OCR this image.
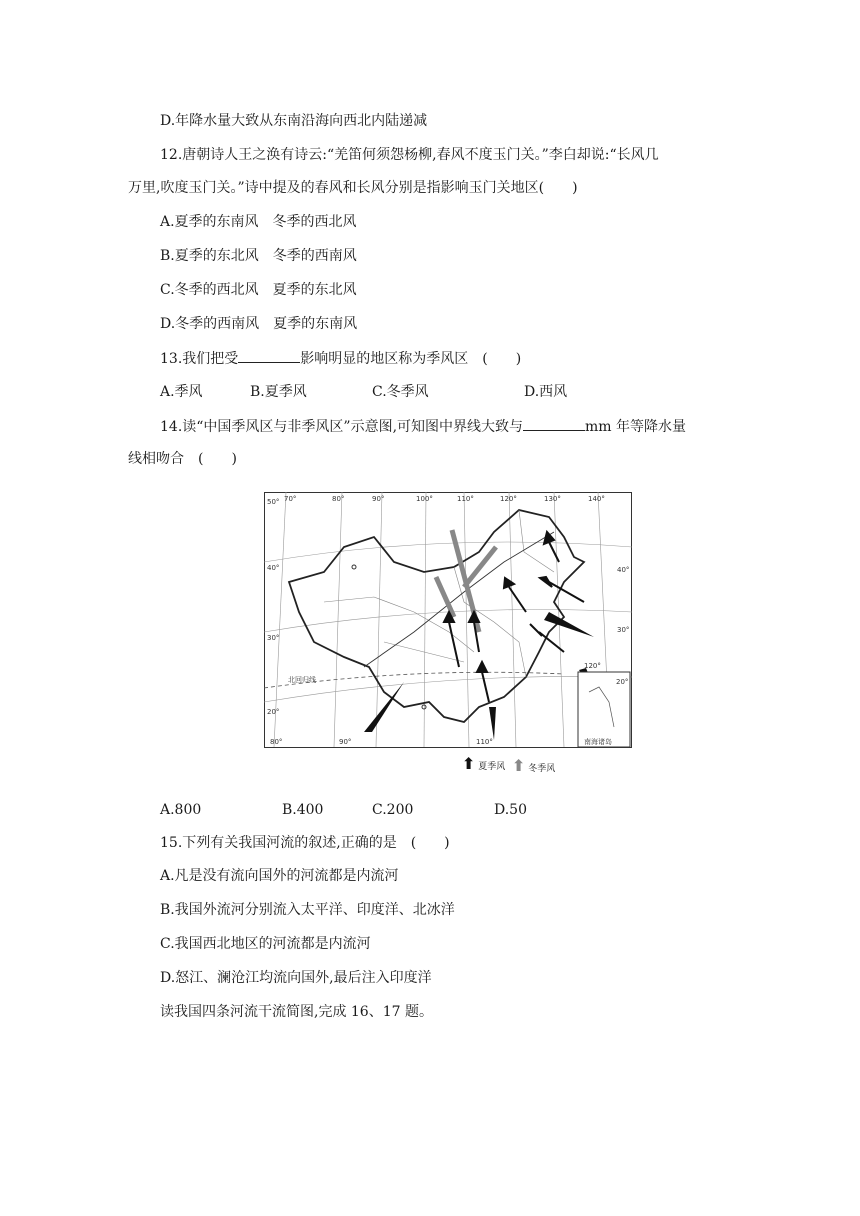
D.年降水量大致从东南沿海向西北内陆递减
12.唐朝诗人王之涣有诗云:“羌笛何须怨杨柳,春风不度玉门关。”李白却说:“长风几
万里,吹度玉门关。”诗中提及的春风和长风分别是指影响玉门关地区(　　)
A.夏季的东南风　冬季的西北风
B.夏季的东北风　冬季的西南风
C.冬季的西北风　夏季的东北风
D.冬季的西南风　夏季的东南风
13.我们把受	影响明显的地区称为季风区　(　　)
A.季风	B.夏季风	C.冬季风	D.西风
14.读“中国季风区与非季风区”示意图,可知图中界线大致与	mm 年等降水量
线相吻合　(　　)
70°	80°	90°	100°	110°	120°	130°	140°
50°
40°
30°
20°
80°	90°	110°
40°
30°
120°
20°
北回归线
南海诸岛
⬆ 夏季风 ⬆ 冬季风
A.800	B.400	C.200	D.50
15.下列有关我国河流的叙述,正确的是　(　　)
A.凡是没有流向国外的河流都是内流河
B.我国外流河分别流入太平洋、印度洋、北冰洋
C.我国西北地区的河流都是内流河
D.怒江、澜沧江均流向国外,最后注入印度洋
读我国四条河流干流简图,完成 16、17 题。
